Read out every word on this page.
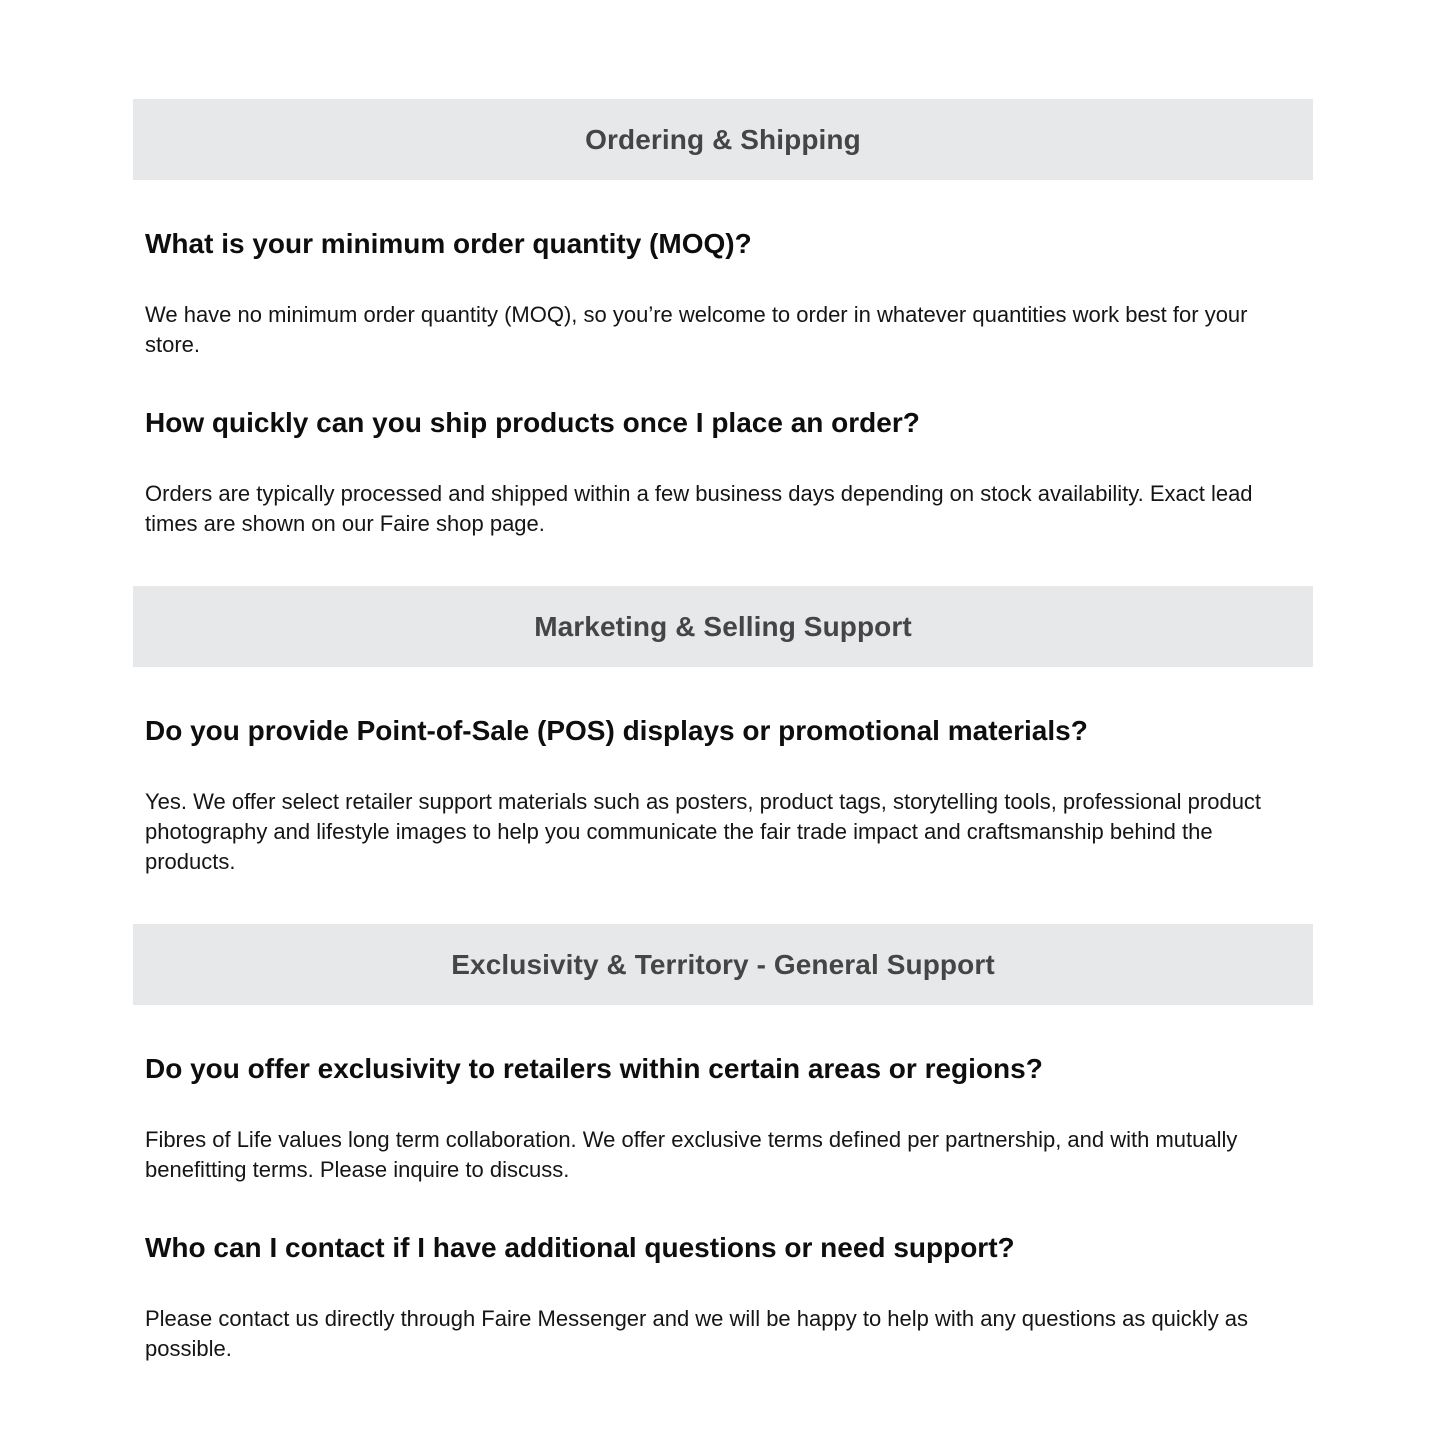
Ordering & Shipping
What is your minimum order quantity (MOQ)?

We have no minimum order quantity (MOQ), so you’re welcome to order in whatever quantities work best for your store.

How quickly can you ship products once I place an order?

Orders are typically processed and shipped within a few business days depending on stock availability. Exact lead times are shown on our Faire shop page.

Marketing & Selling Support
Do you provide Point-of-Sale (POS) displays or promotional materials?

Yes. We offer select retailer support materials such as posters, product tags, storytelling tools, professional product photography and lifestyle images to help you communicate the fair trade impact and craftsmanship behind the products.

Exclusivity & Territory - General Support
Do you offer exclusivity to retailers within certain areas or regions?

Fibres of Life values long term collaboration. We offer exclusive terms defined per partnership, and with mutually benefitting terms. Please inquire to discuss.

Who can I contact if I have additional questions or need support?

Please contact us directly through Faire Messenger and we will be happy to help with any questions as quickly as possible.
